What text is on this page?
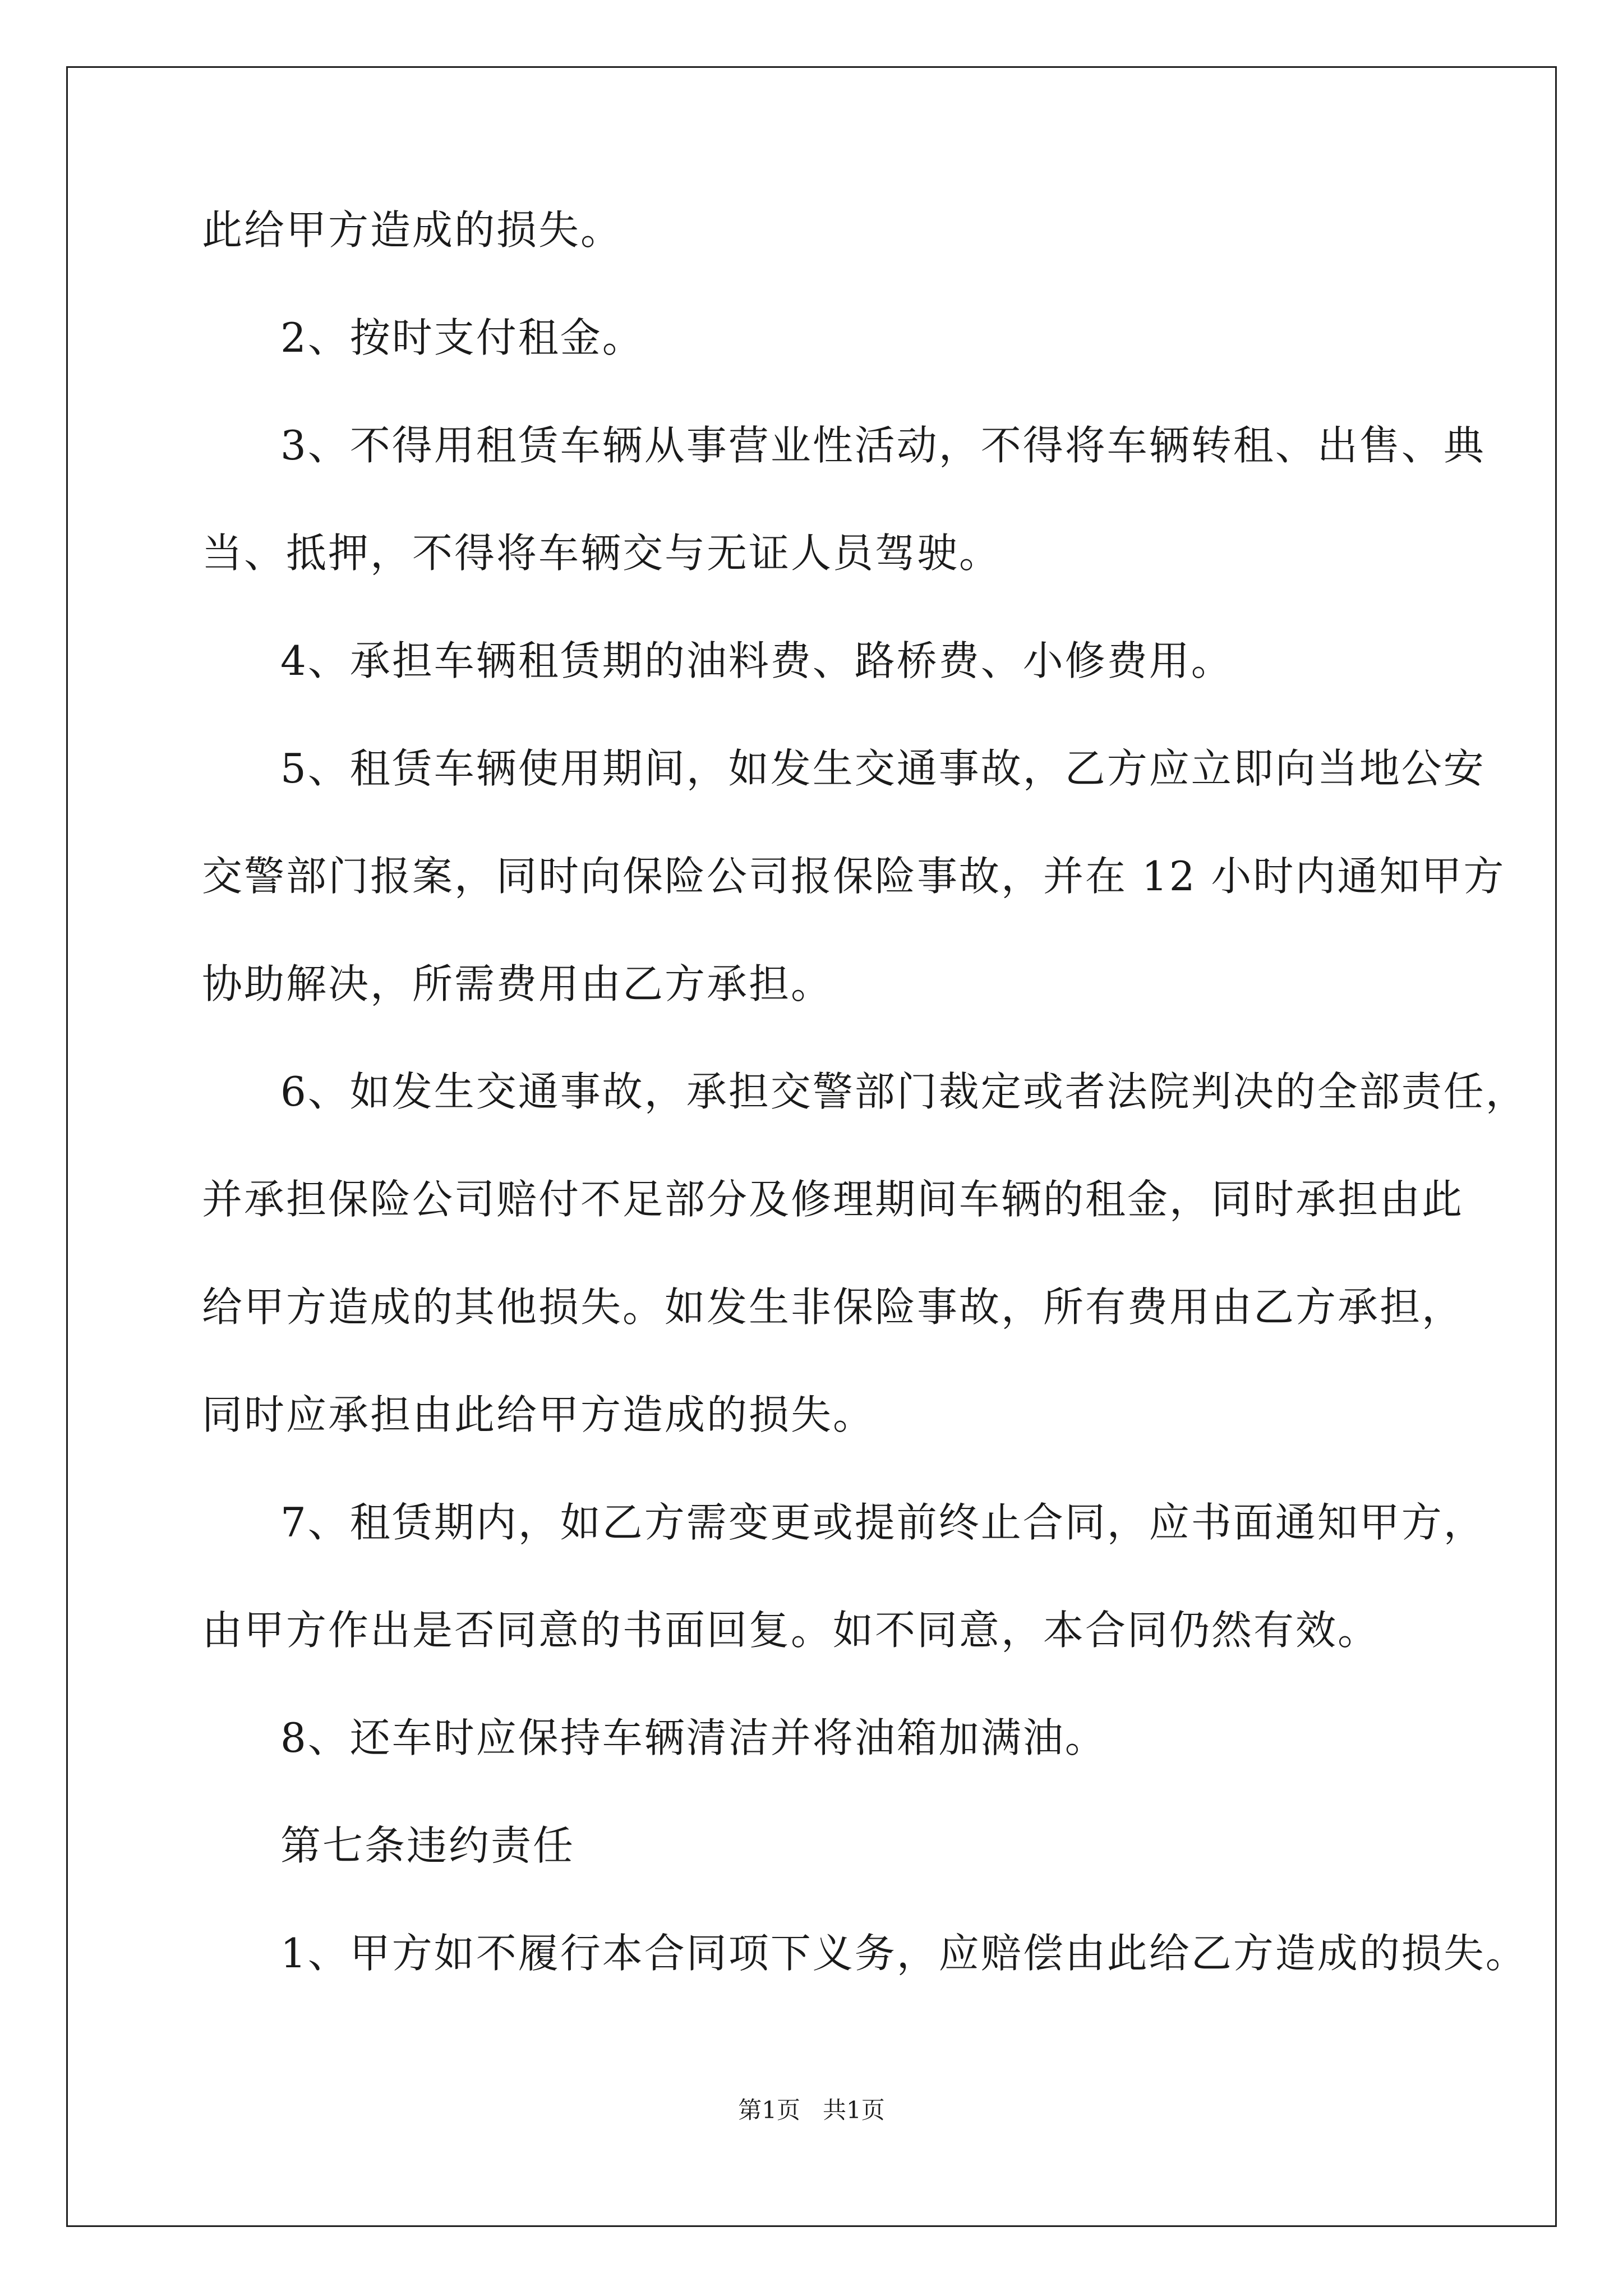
此给甲方造成的损失。
2、按时支付租金。
3、不得用租赁车辆从事营业性活动，不得将车辆转租、出售、典
当、抵押，不得将车辆交与无证人员驾驶。
4、承担车辆租赁期的油料费、路桥费、小修费用。
5、租赁车辆使用期间，如发生交通事故，乙方应立即向当地公安
交警部门报案，同时向保险公司报保险事故，并在 12 小时内通知甲方
协助解决，所需费用由乙方承担。
6、如发生交通事故，承担交警部门裁定或者法院判决的全部责任，
并承担保险公司赔付不足部分及修理期间车辆的租金，同时承担由此
给甲方造成的其他损失。如发生非保险事故，所有费用由乙方承担，
同时应承担由此给甲方造成的损失。
7、租赁期内，如乙方需变更或提前终止合同，应书面通知甲方，
由甲方作出是否同意的书面回复。如不同意，本合同仍然有效。
8、还车时应保持车辆清洁并将油箱加满油。
第七条违约责任
1、甲方如不履行本合同项下义务，应赔偿由此给乙方造成的损失。
第1页   共1页
